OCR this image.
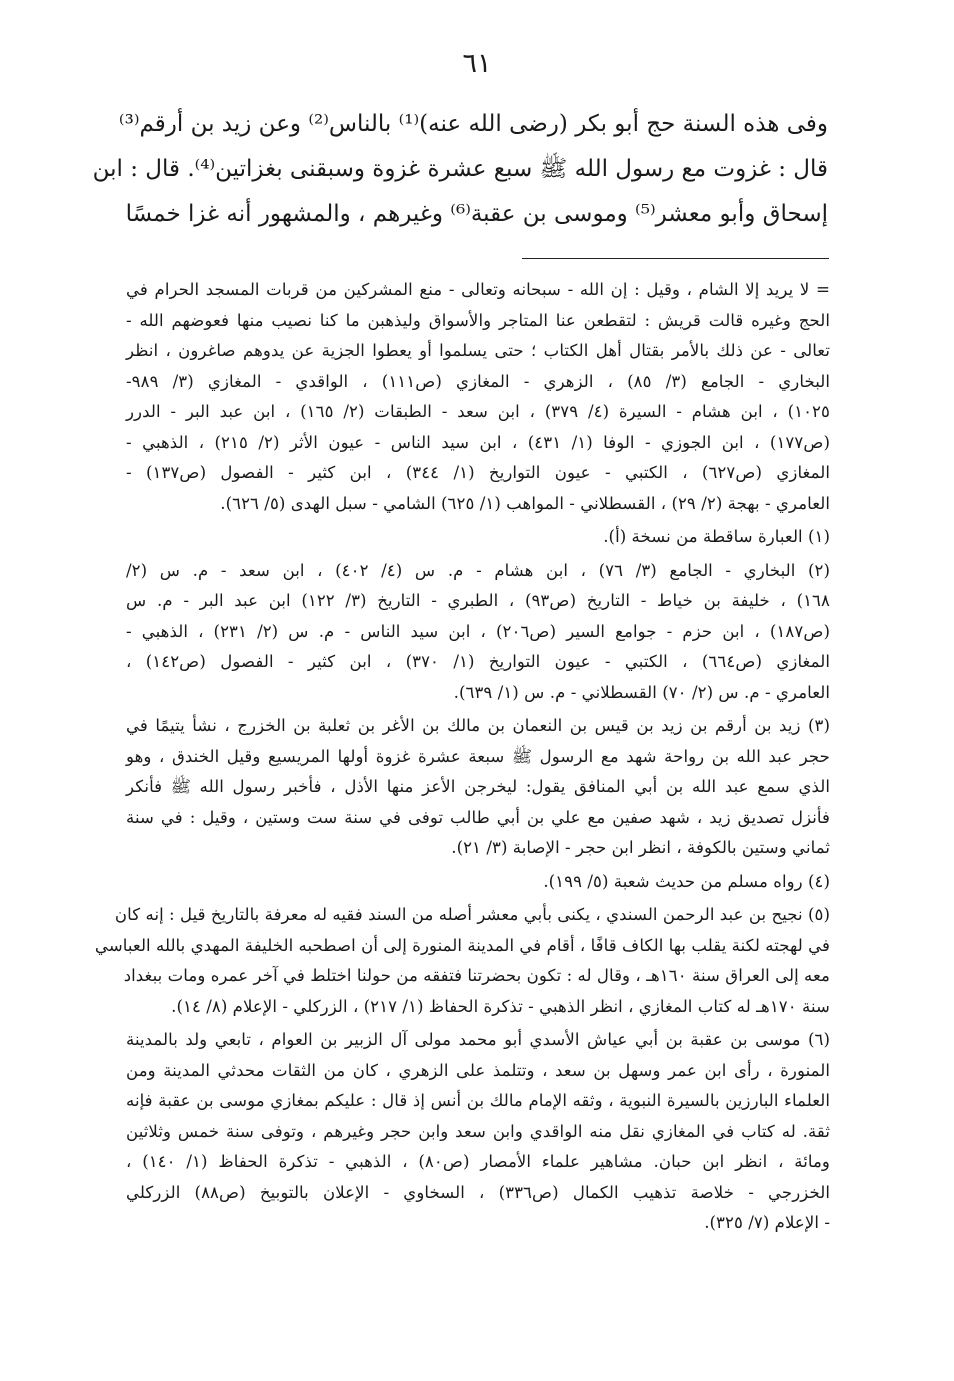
٦١
وفى هذه السنة حج أبو بكر (رضى الله عنه)⁽¹⁾ بالناس⁽²⁾ وعن زيد بن أرقم⁽³⁾
قال : غزوت مع رسول الله ﷺ سبع عشرة غزوة وسبقنى بغزاتين⁽⁴⁾. قال : ابن
إسحاق وأبو معشر⁽⁵⁾ وموسى بن عقبة⁽⁶⁾ وغيرهم ، والمشهور أنه غزا خمسًا
= لا يريد إلا الشام ، وقيل : إن الله - سبحانه وتعالى - منع المشركين من قربات المسجد الحرام في
الحج وغيره قالت قريش : لتقطعن عنا المتاجر والأسواق وليذهبن ما كنا نصيب منها فعوضهم الله -
تعالى - عن ذلك بالأمر بقتال أهل الكتاب ؛ حتى يسلموا أو يعطوا الجزية عن يدوهم صاغرون ، انظر
البخاري - الجامع (٣/ ٨٥) ، الزهري - المغازي (ص١١١) ، الواقدي - المغازي (٣/ ٩٨٩-
١٠٢٥) ، ابن هشام - السيرة (٤/ ٣٧٩) ، ابن سعد - الطبقات (٢/ ١٦٥) ، ابن عبد البر - الدرر
(ص١٧٧) ، ابن الجوزي - الوفا (١/ ٤٣١) ، ابن سيد الناس - عيون الأثر (٢/ ٢١٥) ، الذهبي -
المغازي (ص٦٢٧) ، الكتبي - عيون التواريخ (١/ ٣٤٤) ، ابن كثير - الفصول (ص١٣٧) -
العامري - بهجة (٢/ ٢٩) ، القسطلاني - المواهب (١/ ٦٢٥) الشامي - سبل الهدى (٥/ ٦٢٦).
(١) العبارة ساقطة من نسخة (أ).
(٢) البخاري - الجامع (٣/ ٧٦) ، ابن هشام - م. س (٤/ ٤٠٢) ، ابن سعد - م. س (٢/
١٦٨) ، خليفة بن خياط - التاريخ (ص٩٣) ، الطبري - التاريخ (٣/ ١٢٢) ابن عبد البر - م. س
(ص١٨٧) ، ابن حزم - جوامع السير (ص٢٠٦) ، ابن سيد الناس - م. س (٢/ ٢٣١) ، الذهبي -
المغازي (ص٦٦٤) ، الكتبي - عيون التواريخ (١/ ٣٧٠) ، ابن كثير - الفصول (ص١٤٢) ،
العامري - م. س (٢/ ٧٠) القسطلاني - م. س (١/ ٦٣٩).
(٣) زيد بن أرقم بن زيد بن قيس بن النعمان بن مالك بن الأغر بن ثعلبة بن الخزرج ، نشأ يتيمًا في
حجر عبد الله بن رواحة شهد مع الرسول ﷺ سبعة عشرة غزوة أولها المريسيع وقيل الخندق ، وهو
الذي سمع عبد الله بن أبي المنافق يقول: ليخرجن الأعز منها الأذل ، فأخبر رسول الله ﷺ فأنكر
فأنزل تصديق زيد ، شهد صفين مع علي بن أبي طالب توفى في سنة ست وستين ، وقيل : في سنة
ثماني وستين بالكوفة ، انظر ابن حجر - الإصابة (٣/ ٢١).
(٤) رواه مسلم من حديث شعبة (٥/ ١٩٩).
(٥) نجيح بن عبد الرحمن السندي ، يكنى بأبي معشر أصله من السند فقيه له معرفة بالتاريخ قيل : إنه كان
في لهجته لكنة يقلب بها الكاف قافًا ، أقام في المدينة المنورة إلى أن اصطحبه الخليفة المهدي بالله العباسي
معه إلى العراق سنة ١٦٠هـ ، وقال له : تكون بحضرتنا فتفقه من حولنا اختلط في آخر عمره ومات ببغداد
سنة ١٧٠هـ له كتاب المغازي ، انظر الذهبي - تذكرة الحفاظ (١/ ٢١٧) ، الزركلي - الإعلام (٨/ ١٤).
(٦) موسى بن عقبة بن أبي عياش الأسدي أبو محمد مولى آل الزبير بن العوام ، تابعي ولد بالمدينة
المنورة ، رأى ابن عمر وسهل بن سعد ، وتتلمذ على الزهري ، كان من الثقات محدثي المدينة ومن
العلماء البارزين بالسيرة النبوية ، وثقه الإمام مالك بن أنس إذ قال : عليكم بمغازي موسى بن عقبة فإنه
ثقة. له كتاب في المغازي نقل منه الواقدي وابن سعد وابن حجر وغيرهم ، وتوفى سنة خمس وثلاثين
ومائة ، انظر ابن حبان. مشاهير علماء الأمصار (ص٨٠) ، الذهبي - تذكرة الحفاظ (١/ ١٤٠) ،
الخزرجي - خلاصة تذهيب الكمال (ص٣٣٦) ، السخاوي - الإعلان بالتوبيخ (ص٨٨) الزركلي
- الإعلام (٧/ ٣٢٥).
